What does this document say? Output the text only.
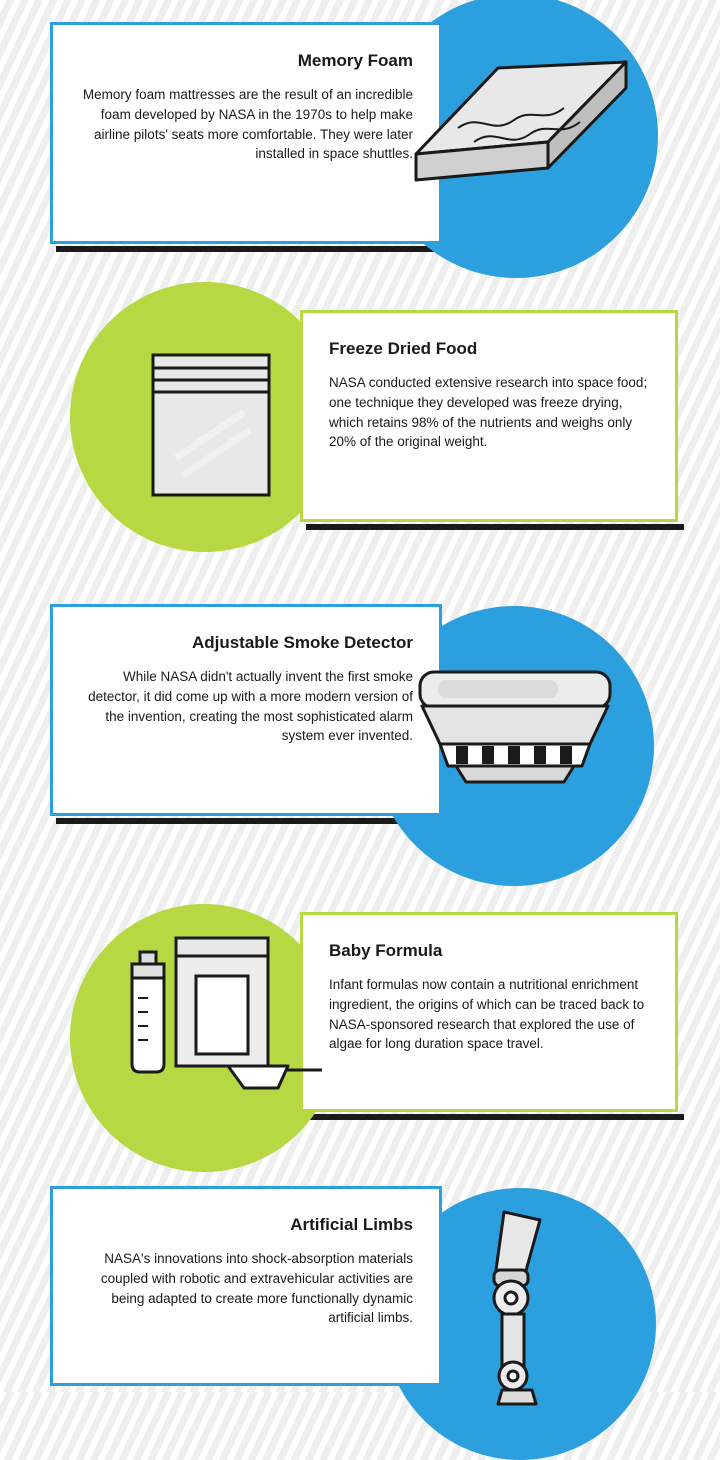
Memory Foam

Memory foam mattresses are the result of an incredible foam developed by NASA in the 1970s to help make airline pilots' seats more comfortable. They were later installed in space shuttles.

Freeze Dried Food

NASA conducted extensive research into space food; one technique they developed was freeze drying, which retains 98% of the nutrients and weighs only 20% of the original weight.

Adjustable Smoke Detector

While NASA didn't actually invent the first smoke detector, it did come up with a more modern version of the invention, creating the most sophisticated alarm system ever invented.

Baby Formula

Infant formulas now contain a nutritional enrichment ingredient, the origins of which can be traced back to NASA-sponsored research that explored the use of algae for long duration space travel.

Artificial Limbs

NASA's innovations into shock-absorption materials coupled with robotic and extravehicular activities are being adapted to create more functionally dynamic artificial limbs.
